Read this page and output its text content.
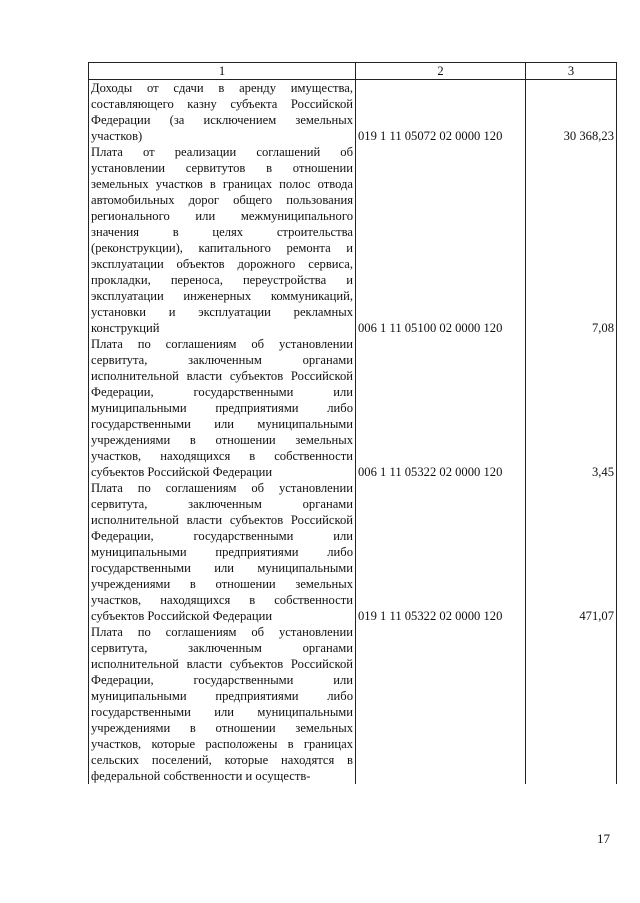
1	2	3
Доходы от сдачи в аренду имущества, составляющего казну субъекта Российской Федерации (за исключением земельных участков)	019 1 11 05072 02 0000 120	30 368,23
Плата от реализации соглашений об установлении сервитутов в отношении земельных участков в границах полос отвода автомобильных дорог общего пользования регионального или межмуниципального значения в целях строительства (реконструкции), капитального ремонта и эксплуатации объектов дорожного сервиса, прокладки, переноса, переустройства и эксплуатации инженерных коммуникаций, установки и эксплуатации рекламных конструкций	006 1 11 05100 02 0000 120	7,08
Плата по соглашениям об установлении сервитута, заключенным органами исполнительной власти субъектов Российской Федерации, государственными или муниципальными предприятиями либо государственными или муниципальными учреждениями в отношении земельных участков, находящихся в собственности субъектов Российской Федерации	006 1 11 05322 02 0000 120	3,45
Плата по соглашениям об установлении сервитута, заключенным органами исполнительной власти субъектов Российской Федерации, государственными или муниципальными предприятиями либо государственными или муниципальными учреждениями в отношении земельных участков, находящихся в собственности субъектов Российской Федерации	019 1 11 05322 02 0000 120	471,07
Плата по соглашениям об установлении сервитута, заключенным органами исполнительной власти субъектов Российской Федерации, государственными или муниципальными предприятиями либо государственными или муниципальными учреждениями в отношении земельных участков, которые расположены в границах сельских поселений, которые находятся в федеральной собственности и осуществ-		
17
